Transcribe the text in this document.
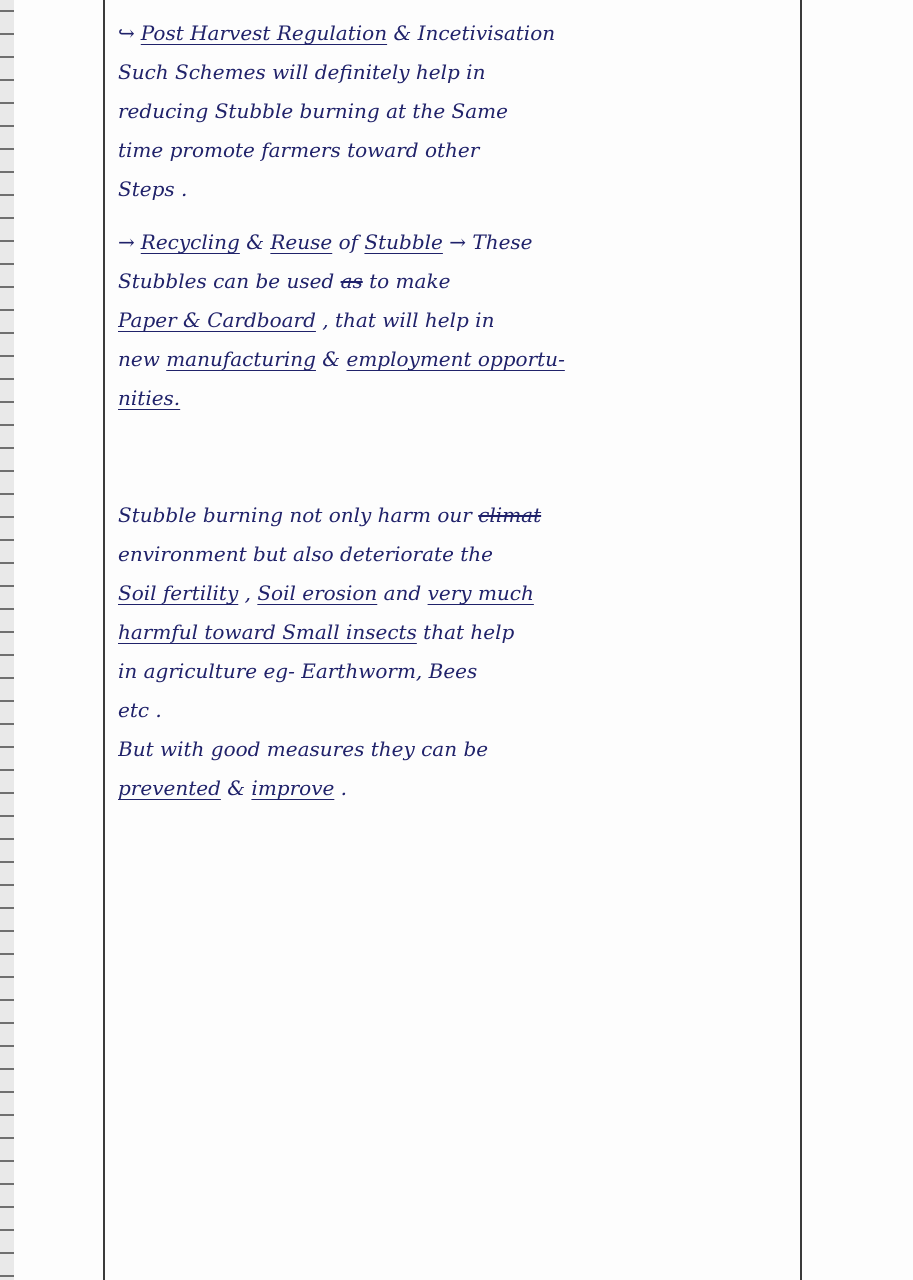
↪ Post Harvest Regulation & Incetivisation
Such Schemes will definitely help in
reducing Stubble burning at the Same
time promote farmers toward other
Steps .
→ Recycling & Reuse of Stubble → These
Stubbles can be used as to make
Paper & Cardboard , that will help in
new manufacturing & employment opportu-
nities.
Stubble burning not only harm our climat
environment but also deteriorate the
Soil fertility , Soil erosion and very much
harmful toward Small insects that help
in agriculture eg- Earthworm, Bees
etc .
But with good measures they can be
prevented & improve .
